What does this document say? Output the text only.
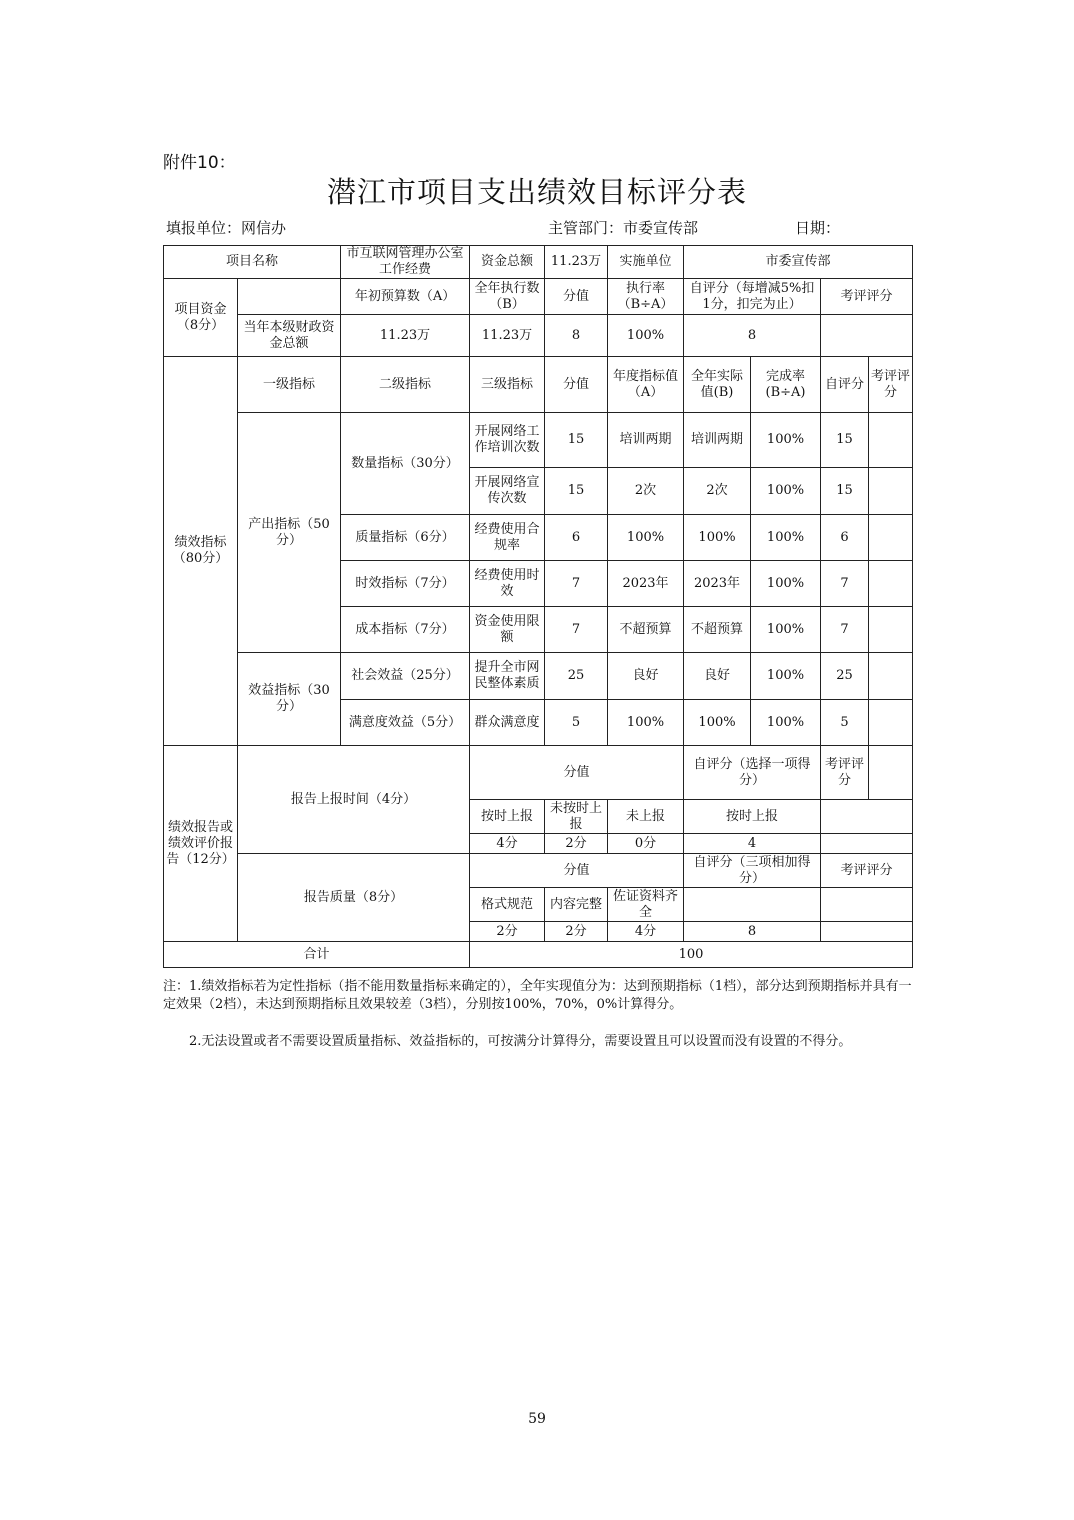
附件10：
潜江市项目支出绩效目标评分表
填报单位：网信办	主管部门：市委宣传部	日期：
项目名称		市互联网管理办公室工作经费	资金总额	11.23万	实施单位	市委宣传部			
项目资金（8分）		年初预算数（A）	全年执行数（B）	分值	执行率（B÷A）	自评分（每增减5%扣1分，扣完为止）		考评评分	
	当年本级财政资金总额	11.23万	11.23万	8	100%	8			
绩效指标（80分）	一级指标	二级指标	三级指标	分值	年度指标值（A）	全年实际值(B)	完成率(B÷A)	自评分	考评评分
	产出指标（50分）	数量指标（30分）	开展网络工作培训次数	15	培训两期	培训两期	100%	15	
			开展网络宣传次数	15	2次	2次	100%	15	
		质量指标（6分）	经费使用合规率	6	100%	100%	100%	6	
		时效指标（7分）	经费使用时效	7	2023年	2023年	100%	7	
		成本指标（7分）	资金使用限额	7	不超预算	不超预算	100%	7	
	效益指标（30分）	社会效益（25分）	提升全市网民整体素质	25	良好	良好	100%	25	
		满意度效益（5分）	群众满意度	5	100%	100%	100%	5	
绩效报告或绩效评价报告（12分）	报告上报时间（4分）		分值			自评分（选择一项得分）		考评评分	
			按时上报	未按时上报	未上报	按时上报			
			4分	2分	0分	4			
	报告质量（8分）		分值			自评分（三项相加得分）		考评评分	
			格式规范	内容完整	佐证资料齐全				
			2分	2分	4分	8			
合计			100						
注：1.绩效指标若为定性指标（指不能用数量指标来确定的），全年实现值分为：达到预期指标（1档），部分达到预期指标并具有一定效果（2档），未达到预期指标且效果较差（3档），分别按100%，70%，0%计算得分。
2.无法设置或者不需要设置质量指标、效益指标的，可按满分计算得分，需要设置且可以设置而没有设置的不得分。
59
